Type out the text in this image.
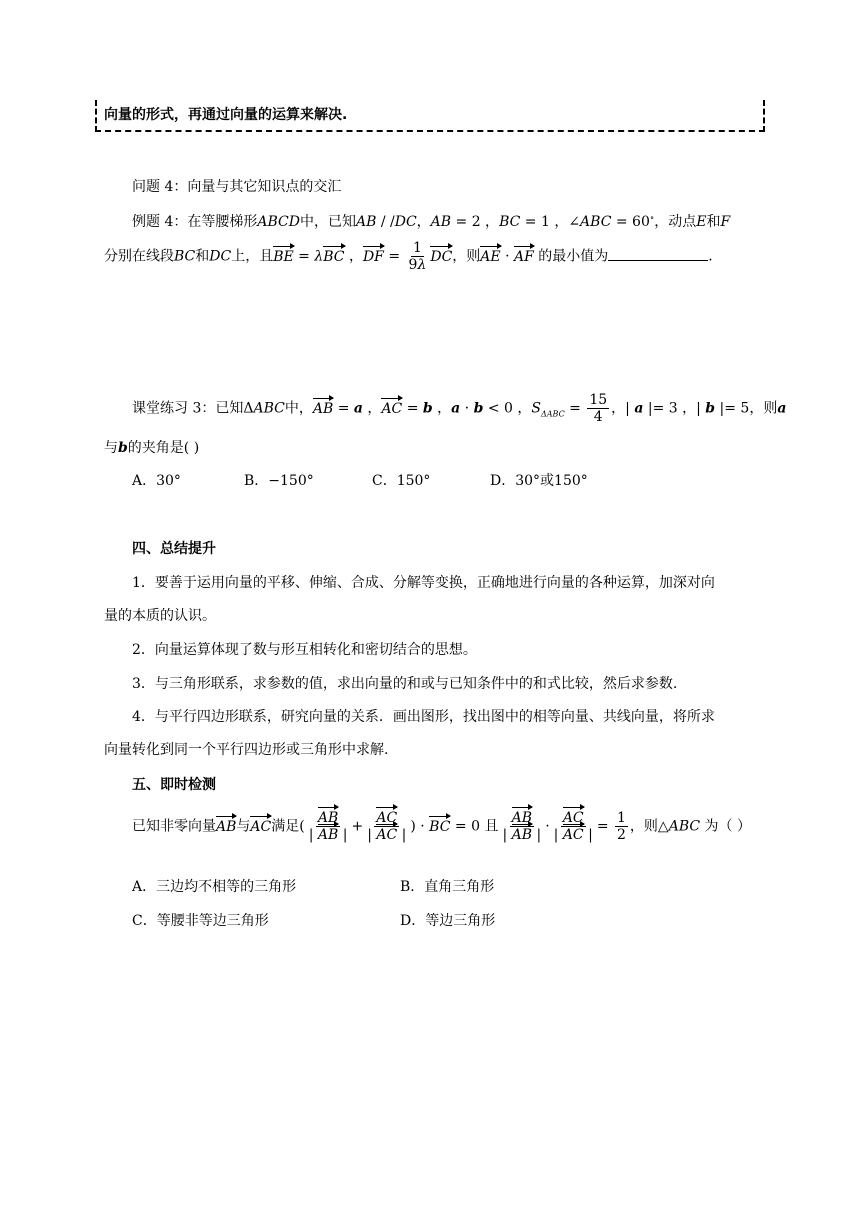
向量的形式，再通过向量的运算来解决.
问题 4：向量与其它知识点的交汇
例题 4：在等腰梯形ABCD中，已知AB / /DC，AB = 2 ，BC = 1 ，∠ABC = 60∘，动点E和F
分别在线段BC和DC上，且BE = λBC ，DF = $\frac{1}{9\lambda}$ DC，则AE · AF 的最小值为	.
课堂练习 3：已知ΔABC中，AB = a ，AC = b ，a · b < 0 ，$S_{\Delta ABC} = \frac{15}{4}$ ，| a |= 3 ，| b |= 5，则a
与b的夹角是( )
A．30°	B．−150°	C．150°	D．30°或150°
四、总结提升
1．要善于运用向量的平移、伸缩、合成、分解等变换，正确地进行向量的各种运算，加深对向
量的本质的认识。
2．向量运算体现了数与形互相转化和密切结合的思想。
3．与三角形联系，求参数的值，求出向量的和或与已知条件中的和式比较，然后求参数.
4．与平行四边形联系，研究向量的关系．画出图形，找出图中的相等向量、共线向量，将所求
向量转化到同一个平行四边形或三角形中求解.
五、即时检测
已知非零向量AB与AC满足( $\frac{AB}{| AB |} + \frac{AC}{| AC |}$ ) · BC = 0 且 $\frac{AB}{| AB |} \cdot \frac{AC}{| AC |} = \frac{1}{2}$ ，则△ABC 为（ ）
A．三边均不相等的三角形	B．直角三角形
C．等腰非等边三角形	D．等边三角形
